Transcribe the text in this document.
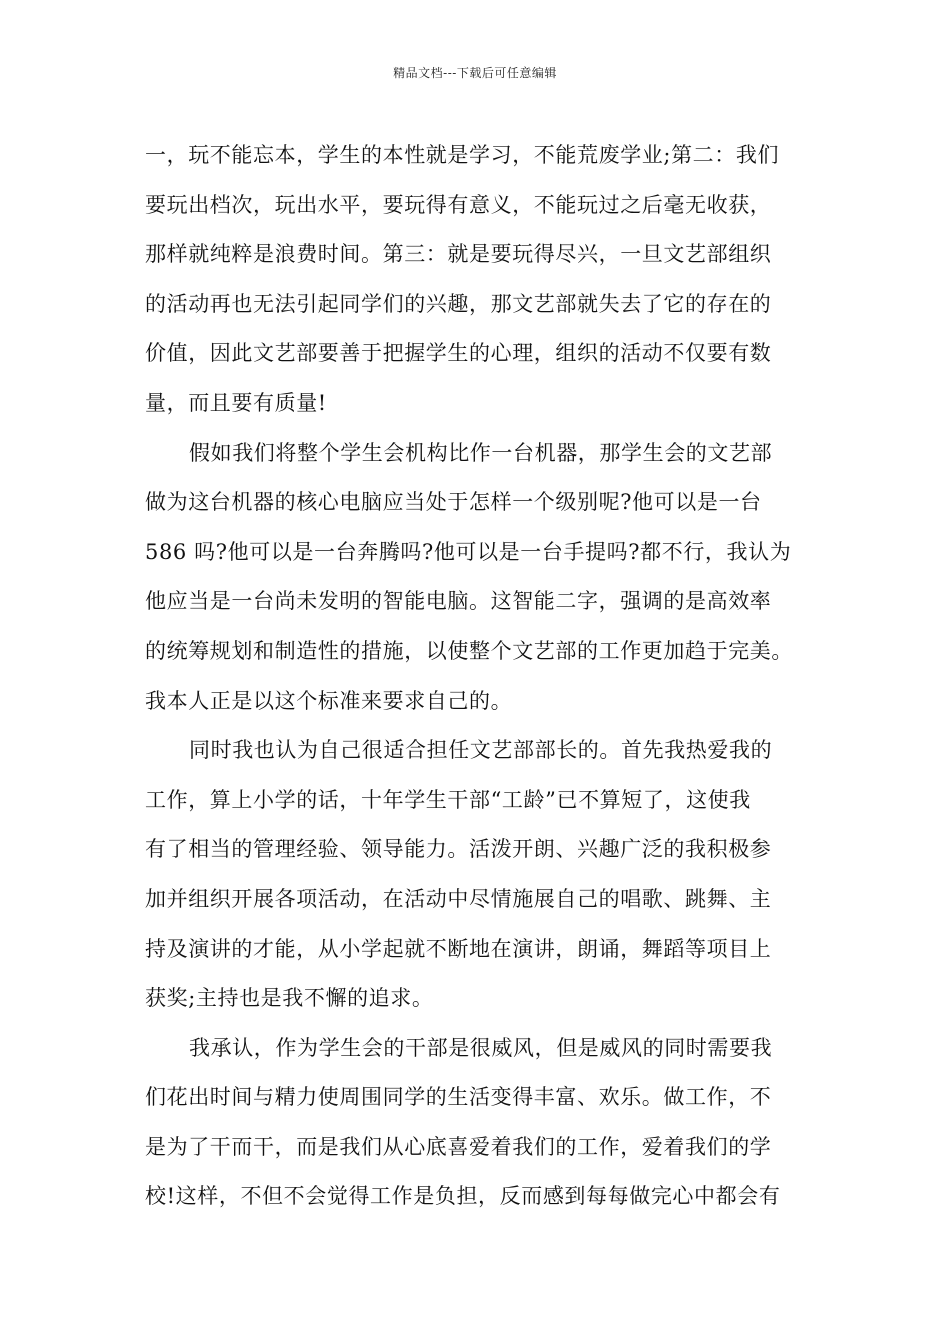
精品文档---下载后可任意编辑
一，玩不能忘本，学生的本性就是学习，不能荒废学业;第二：我们
要玩出档次，玩出水平，要玩得有意义，不能玩过之后毫无收获，
那样就纯粹是浪费时间。第三：就是要玩得尽兴，一旦文艺部组织
的活动再也无法引起同学们的兴趣，那文艺部就失去了它的存在的
价值，因此文艺部要善于把握学生的心理，组织的活动不仅要有数
量，而且要有质量!
假如我们将整个学生会机构比作一台机器，那学生会的文艺部
做为这台机器的核心电脑应当处于怎样一个级别呢?他可以是一台
586 吗?他可以是一台奔腾吗?他可以是一台手提吗?都不行，我认为
他应当是一台尚未发明的智能电脑。这智能二字，强调的是高效率
的统筹规划和制造性的措施，以使整个文艺部的工作更加趋于完美。
我本人正是以这个标准来要求自己的。
同时我也认为自己很适合担任文艺部部长的。首先我热爱我的
工作，算上小学的话，十年学生干部“工龄”已不算短了，这使我
有了相当的管理经验、领导能力。活泼开朗、兴趣广泛的我积极参
加并组织开展各项活动，在活动中尽情施展自己的唱歌、跳舞、主
持及演讲的才能，从小学起就不断地在演讲，朗诵，舞蹈等项目上
获奖;主持也是我不懈的追求。
我承认，作为学生会的干部是很威风，但是威风的同时需要我
们花出时间与精力使周围同学的生活变得丰富、欢乐。做工作，不
是为了干而干，而是我们从心底喜爱着我们的工作，爱着我们的学
校!这样，不但不会觉得工作是负担，反而感到每每做完心中都会有
